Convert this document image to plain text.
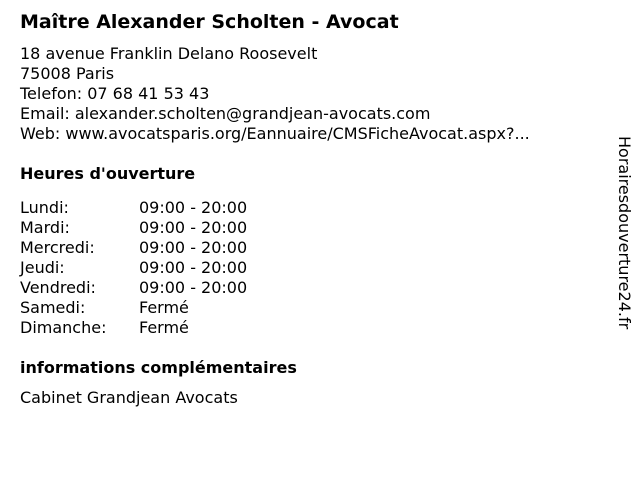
Maître Alexander Scholten - Avocat
18 avenue Franklin Delano Roosevelt
75008 Paris
Telefon: 07 68 41 53 43
Email: alexander.scholten@grandjean-avocats.com
Web: www.avocatsparis.org/Eannuaire/CMSFicheAvocat.aspx?...
Heures d'ouverture
Lundi:	09:00 - 20:00
Mardi:	09:00 - 20:00
Mercredi:	09:00 - 20:00
Jeudi:	09:00 - 20:00
Vendredi:	09:00 - 20:00
Samedi:	Fermé
Dimanche:	Fermé
informations complémentaires
Cabinet Grandjean Avocats
Horairesdouverture24.fr
